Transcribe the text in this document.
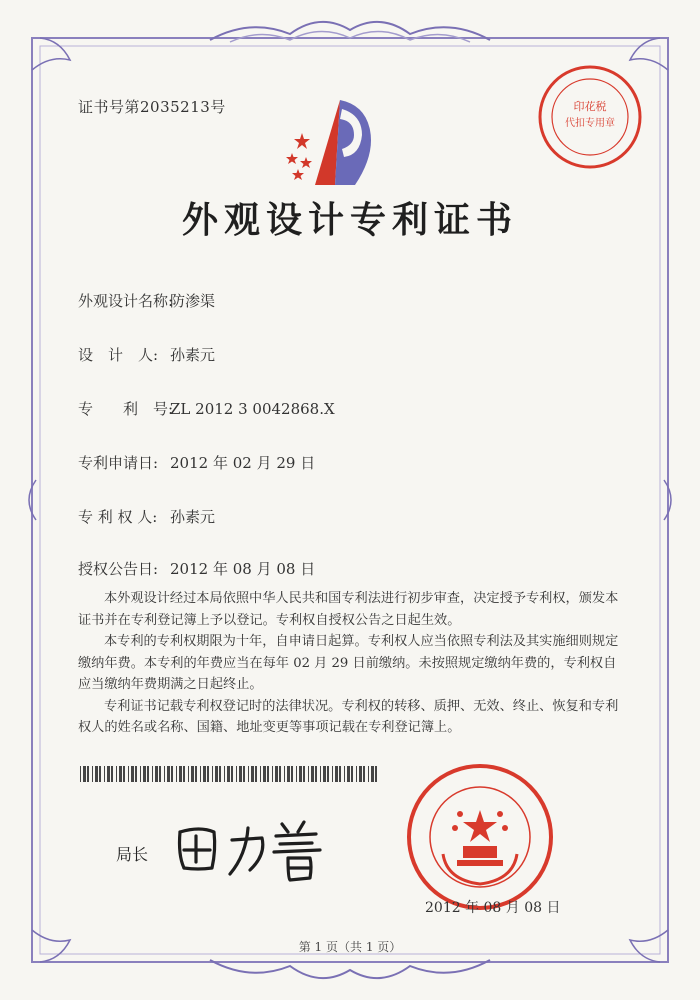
证书号第2035213号	印花税
代扣专用章
外观设计专利证书
外观设计名称:防渗渠
设　计　人: 孙素元
专　　利　号:ZL 2012 3 0042868.X
专利申请日: 2012 年 02 月 29 日
专 利 权 人: 孙素元
授权公告日: 2012 年 08 月 08 日

本外观设计经过本局依照中华人民共和国专利法进行初步审查，决定授予专利权，颁发本证书并在专利登记簿上予以登记。专利权自授权公告之日起生效。

本专利的专利权期限为十年，自申请日起算。专利权人应当依照专利法及其实施细则规定缴纳年费。本专利的年费应当在每年 02 月 29 日前缴纳。未按照规定缴纳年费的，专利权自应当缴纳年费期满之日起终止。

专利证书记载专利权登记时的法律状况。专利权的转移、质押、无效、终止、恢复和专利权人的姓名或名称、国籍、地址变更等事项记载在专利登记簿上。

局长
2012 年 08 月 08 日
第 1 页（共 1 页）
